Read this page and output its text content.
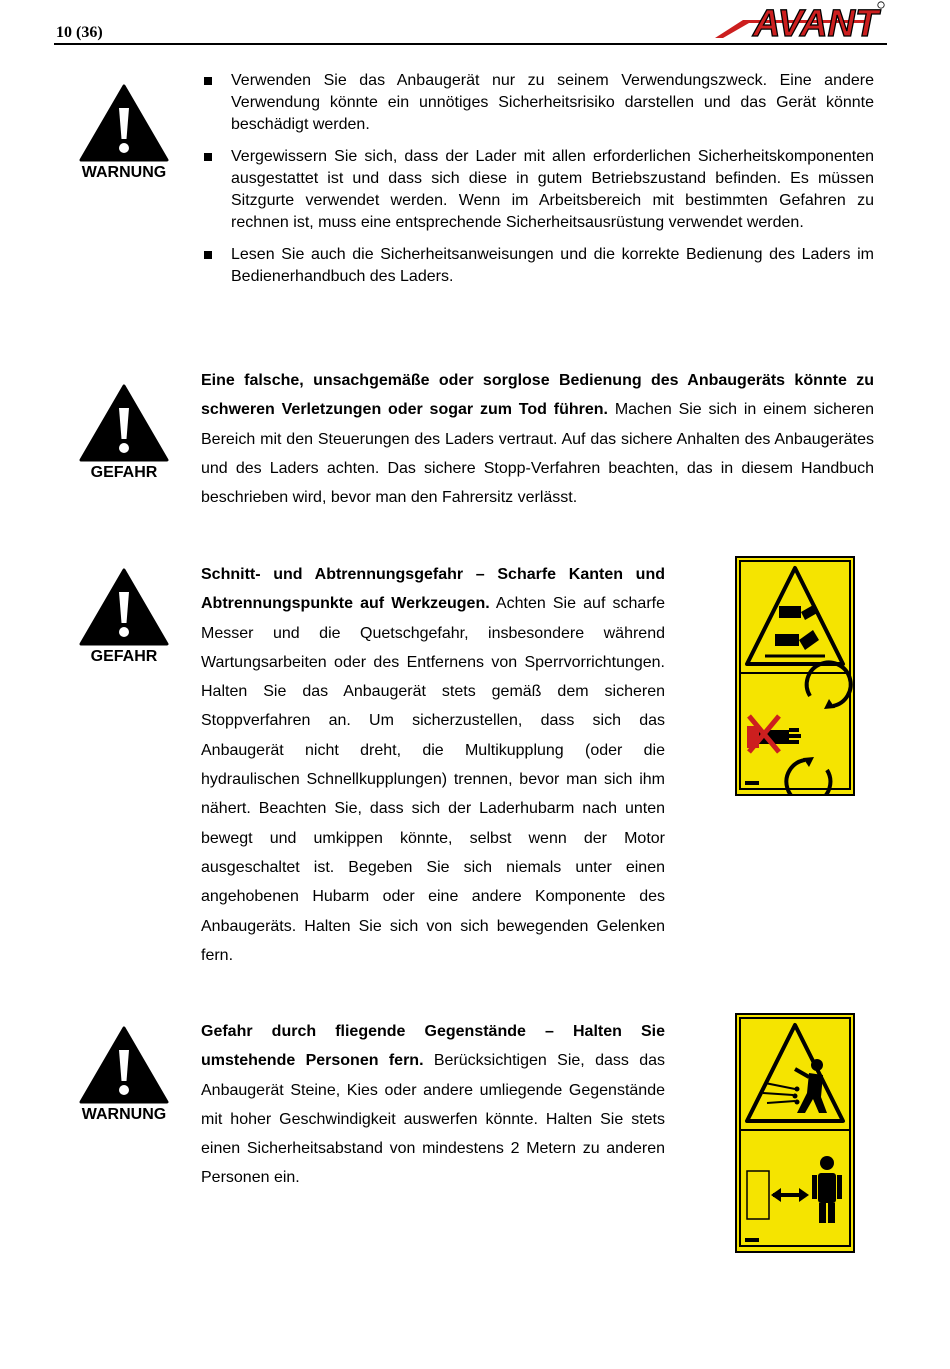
10 (36)	AVANT
WARNUNG
Verwenden Sie das Anbaugerät nur zu seinem Verwendungszweck. Eine andere Verwendung könnte ein unnötiges Sicherheitsrisiko darstellen und das Gerät könnte beschädigt werden.
Vergewissern Sie sich, dass der Lader mit allen erforderlichen Sicherheitskomponenten ausgestattet ist und dass sich diese in gutem Betriebszustand befinden. Es müssen Sitzgurte verwendet werden. Wenn im Arbeitsbereich mit bestimmten Gefahren zu rechnen ist, muss eine entsprechende Sicherheitsausrüstung verwendet werden.
Lesen Sie auch die Sicherheitsanweisungen und die korrekte Bedienung des Laders im Bedienerhandbuch des Laders.
GEFAHR

Eine falsche, unsachgemäße oder sorglose Bedienung des Anbaugeräts könnte zu schweren Verletzungen oder sogar zum Tod führen. Machen Sie sich in einem sicheren Bereich mit den Steuerungen des Laders vertraut. Auf das sichere Anhalten des Anbaugerätes und des Laders achten. Das sichere Stopp-Verfahren beachten, das in diesem Handbuch beschrieben wird, bevor man den Fahrersitz verlässt.

GEFAHR

Schnitt- und Abtrennungsgefahr – Scharfe Kanten und Abtrennungspunkte auf Werkzeugen. Achten Sie auf scharfe Messer und die Quetschgefahr, insbesondere während Wartungsarbeiten oder des Entfernens von Sperrvorrichtungen. Halten Sie das Anbaugerät stets gemäß dem sicheren Stoppverfahren an. Um sicherzustellen, dass sich das Anbaugerät nicht dreht, die Multikupplung (oder die hydraulischen Schnellkupplungen) trennen, bevor man sich ihm nähert. Beachten Sie, dass sich der Laderhubarm nach unten bewegt und umkippen könnte, selbst wenn der Motor ausgeschaltet ist. Begeben Sie sich niemals unter einen angehobenen Hubarm oder eine andere Komponente des Anbaugeräts. Halten Sie sich von sich bewegenden Gelenken fern.

WARNUNG

Gefahr durch fliegende Gegenstände – Halten Sie umstehende Personen fern. Berücksichtigen Sie, dass das Anbaugerät Steine, Kies oder andere umliegende Gegenstände mit hoher Geschwindigkeit auswerfen könnte. Halten Sie stets einen Sicherheitsabstand von mindestens 2 Metern zu anderen Personen ein.
